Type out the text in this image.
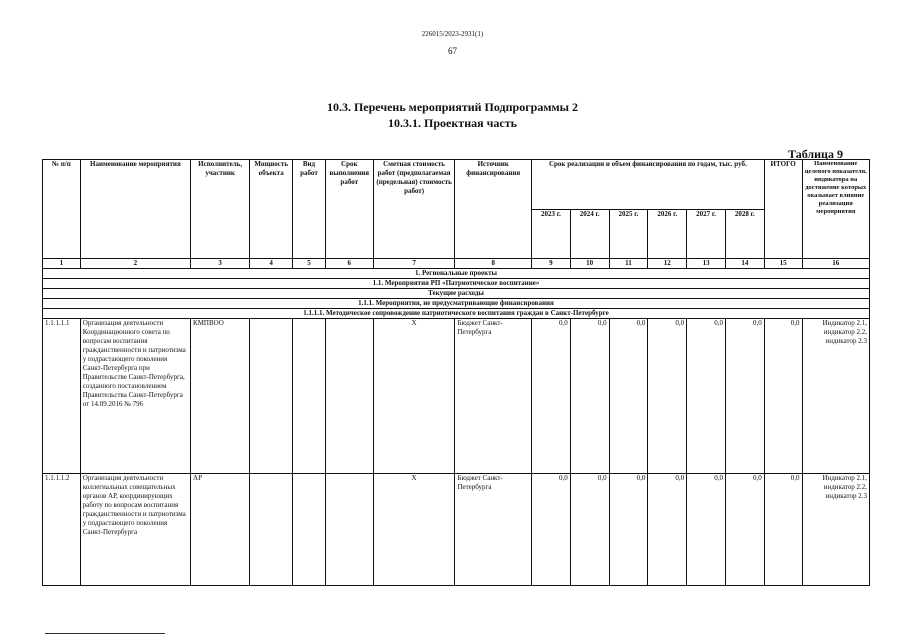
226015/2023-2931(1)
67
10.3. Перечень мероприятий Подпрограммы 2
10.3.1. Проектная часть
Таблица 9
№ п/п	Наименование мероприятия	Исполнитель, участник	Мощность объекта	Вид работ	Срок выполнения работ	Сметная стоимость работ (предполагаемая (предельная) стоимость работ)	Источник финансирования	Срок реализации и объем финансирования по годам, тыс. руб.						ИТОГО	Наименование целевого показателя, индикатора на достижение которых оказывает влияние реализация мероприятия
								2023 г.	2024 г.	2025 г.	2026 г.	2027 г.	2028 г.		
1	2	3	4	5	6	7	8	9	10	11	12	13	14	15	16
1. Региональные проекты															
1.1. Мероприятия РП «Патриотическое воспитание»															
Текущие расходы															
1.1.1. Мероприятия, не предусматривающие финансирования															
1.1.1.1. Методическое сопровождение патриотического воспитания граждан в Санкт-Петербурге															
1.1.1.1.1	Организация деятельности Координационного совета по вопросам воспитания гражданственности и патриотизма у подрастающего поколения Санкт-Петербурга при Правительстве Санкт-Петербурга, созданного постановлением Правительства Санкт-Петербурга от 14.09.2016 № 796	КМПВОО				Х	Бюджет Санкт-Петербурга	0,0	0,0	0,0	0,0	0,0	0,0	0,0	Индикатор 2.1, индикатор 2.2, индикатор 2.3
1.1.1.1.2	Организация деятельности коллегиальных совещательных органов АР, координирующих работу по вопросам воспитания гражданственности и патриотизма у подрастающего поколения Санкт-Петербурга	АР				Х	Бюджет Санкт-Петербурга	0,0	0,0	0,0	0,0	0,0	0,0	0,0	Индикатор 2.1, индикатор 2.2, индикатор 2.3
